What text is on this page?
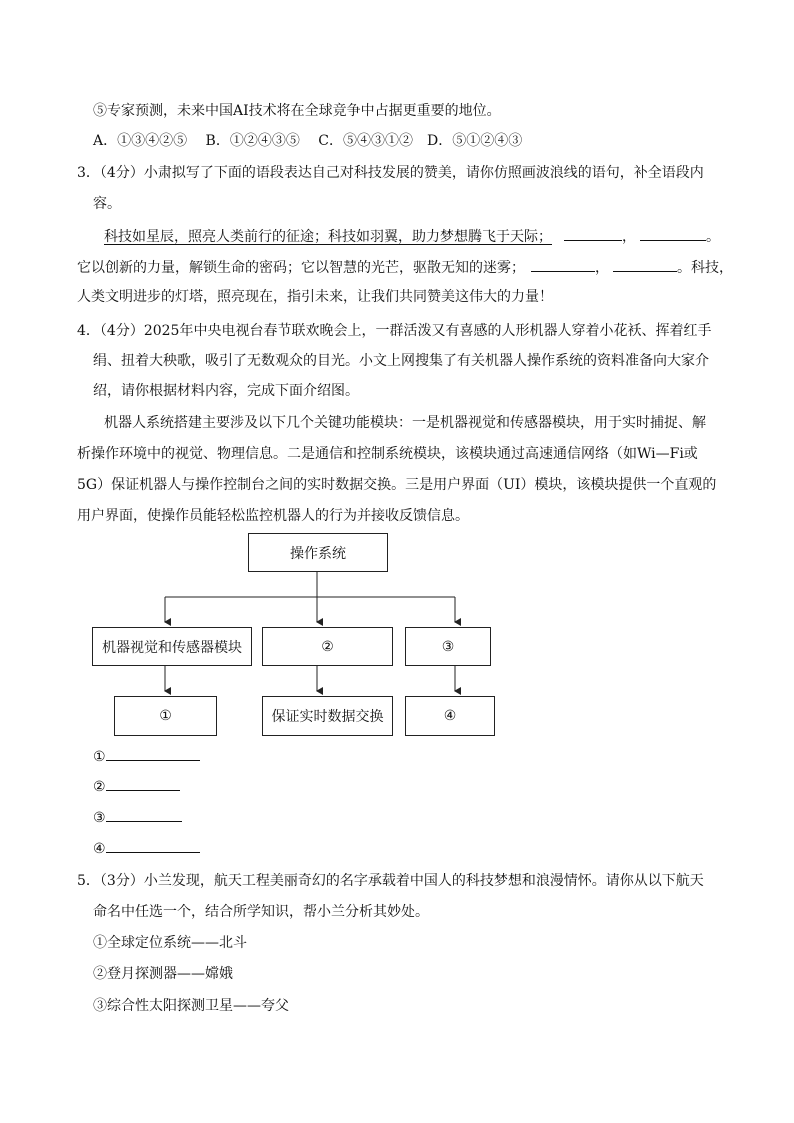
⑤专家预测，未来中国AI技术将在全球竞争中占据更重要的地位。
A．①③④②⑤　 B．①②④③⑤　 C．⑤④③①②　D．⑤①②④③
3．（4分）小肃拟写了下面的语段表达自己对科技发展的赞美，请你仿照画波浪线的语句，补全语段内
容。
科技如星辰，照亮人类前行的征途；科技如羽翼，助力梦想腾飞于天际；	，	。
它以创新的力量，解锁生命的密码；它以智慧的光芒，驱散无知的迷雾；	，	。科技，
人类文明进步的灯塔，照亮现在，指引未来，让我们共同赞美这伟大的力量！
4．（4分）2025年中央电视台春节联欢晚会上，一群活泼又有喜感的人形机器人穿着小花袄、挥着红手
绢、扭着大秧歌，吸引了无数观众的目光。小文上网搜集了有关机器人操作系统的资料准备向大家介
绍，请你根据材料内容，完成下面介绍图。
机器人系统搭建主要涉及以下几个关键功能模块：一是机器视觉和传感器模块，用于实时捕捉、解
析操作环境中的视觉、物理信息。二是通信和控制系统模块，该模块通过高速通信网络（如Wi—Fi或
5G）保证机器人与操作控制台之间的实时数据交换。三是用户界面（UI）模块，该模块提供一个直观的
用户界面，使操作员能轻松监控机器人的行为并接收反馈信息。
操作系统
机器视觉和传感器模块	②	③
①	保证实时数据交换	④
①
②
③
④
5．（3分）小兰发现，航天工程美丽奇幻的名字承载着中国人的科技梦想和浪漫情怀。请你从以下航天
命名中任选一个，结合所学知识，帮小兰分析其妙处。
①全球定位系统——北斗
②登月探测器——嫦娥
③综合性太阳探测卫星——夸父
